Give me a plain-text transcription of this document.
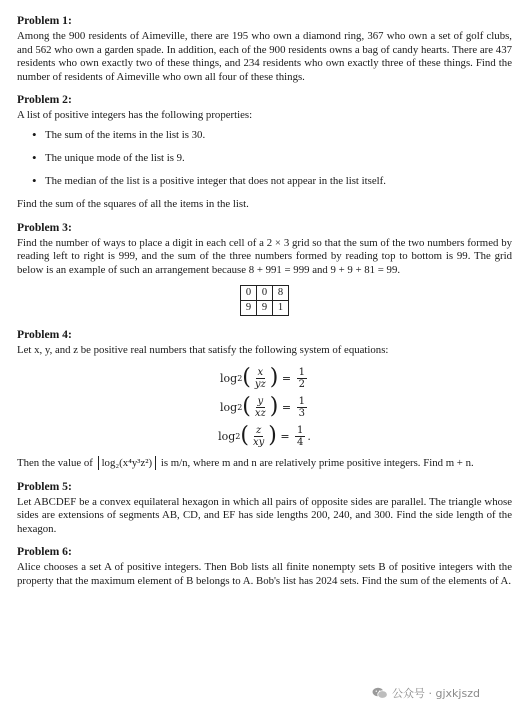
Problem 1:

Among the 900 residents of Aimeville, there are 195 who own a diamond ring, 367 who own a set of golf clubs, and 562 who own a garden spade. In addition, each of the 900 residents owns a bag of candy hearts. There are 437 residents who own exactly two of these things, and 234 residents who own exactly three of these things. Find the number of residents of Aimeville who own all four of these things.

Problem 2:

A list of positive integers has the following properties:

• The sum of the items in the list is 30.
• The unique mode of the list is 9.
• The median of the list is a positive integer that does not appear in the list itself.

Find the sum of the squares of all the items in the list.

Problem 3:

Find the number of ways to place a digit in each cell of a 2 × 3 grid so that the sum of the two numbers formed by reading left to right is 999, and the sum of the three numbers formed by reading top to bottom is 99. The grid below is an example of such an arrangement because 8 + 991 = 999 and 9 + 9 + 81 = 99.

0	0	8
9	9	1
Problem 4:

Let x, y, and z be positive real numbers that satisfy the following system of equations:

log 2 ( $\frac{x}{yz}$ ) = $\frac{1}{2}$
log 2 ( $\frac{y}{xz}$ ) = $\frac{1}{3}$
log 2 ( $\frac{z}{xy}$ ) = $\frac{1}{4}$ .

Then the value of log₂(x⁴y³z²) is m/n, where m and n are relatively prime positive integers. Find m + n.

Problem 5:

Let ABCDEF be a convex equilateral hexagon in which all pairs of opposite sides are parallel. The triangle whose sides are extensions of segments AB, CD, and EF has side lengths 200, 240, and 300. Find the side length of the hexagon.

Problem 6:

Alice chooses a set A of positive integers. Then Bob lists all finite nonempty sets B of positive integers with the property that the maximum element of B belongs to A. Bob's list has 2024 sets. Find the sum of the elements of A.

公众号 · gjxkjszd
